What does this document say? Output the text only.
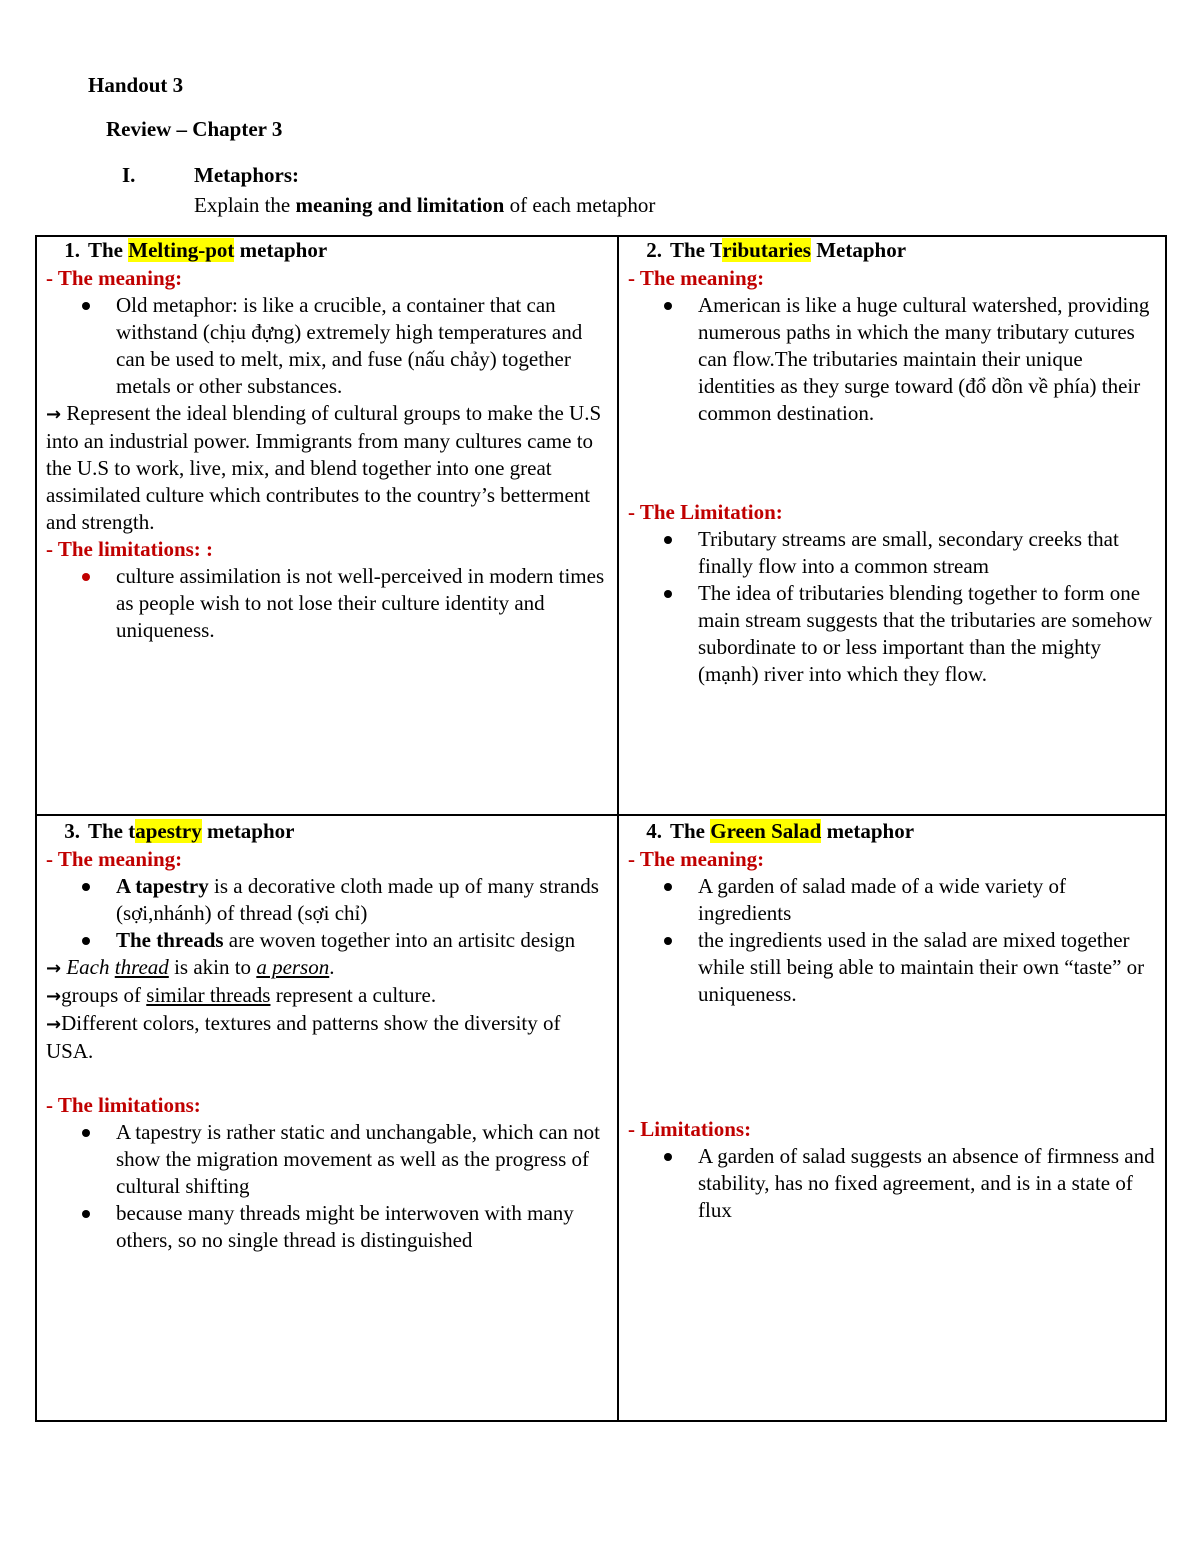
Handout 3
Review – Chapter 3
I.	Metaphors:
Explain the meaning and limitation of each metaphor
1. The Melting-pot metaphor
- The meaning:
Old metaphor: is like a crucible, a container that can withstand (chịu đựng) extremely high temperatures and can be used to melt, mix, and fuse (nấu chảy) together metals or other substances.
→ Represent the ideal blending of cultural groups to make the U.S into an industrial power. Immigrants from many cultures came to the U.S to work, live, mix, and blend together into one great assimilated culture which contributes to the country’s betterment and strength.
- The limitations: :
culture assimilation is not well-perceived in modern times as people wish to not lose their culture identity and uniqueness.
2. The Tributaries Metaphor
- The meaning:
American is like a huge cultural watershed, providing numerous paths in which the many tributary cutures can flow.The tributaries maintain their unique identities as they surge toward (đổ dồn về phía) their common destination.
- The Limitation:
Tributary streams are small, secondary creeks that finally flow into a common stream
The idea of tributaries blending together to form one main stream suggests that the tributaries are somehow subordinate to or less important than the mighty (mạnh) river into which they flow.
3. The tapestry metaphor
- The meaning:
A tapestry is a decorative cloth made up of many strands (sợi,nhánh) of thread (sợi chỉ)
The threads are woven together into an artisitc design
→ Each thread is akin to a person.
→groups of similar threads represent a culture.
→Different colors, textures and patterns show the diversity of USA.
- The limitations:
A tapestry is rather static and unchangable, which can not show the migration movement as well as the progress of cultural shifting
because many threads might be interwoven with many others, so no single thread is distinguished
4. The Green Salad metaphor
- The meaning:
A garden of salad made of a wide variety of ingredients
the ingredients used in the salad are mixed together while still being able to maintain their own “taste” or uniqueness.
- Limitations:
A garden of salad suggests an absence of firmness and stability, has no fixed agreement, and is in a state of flux
